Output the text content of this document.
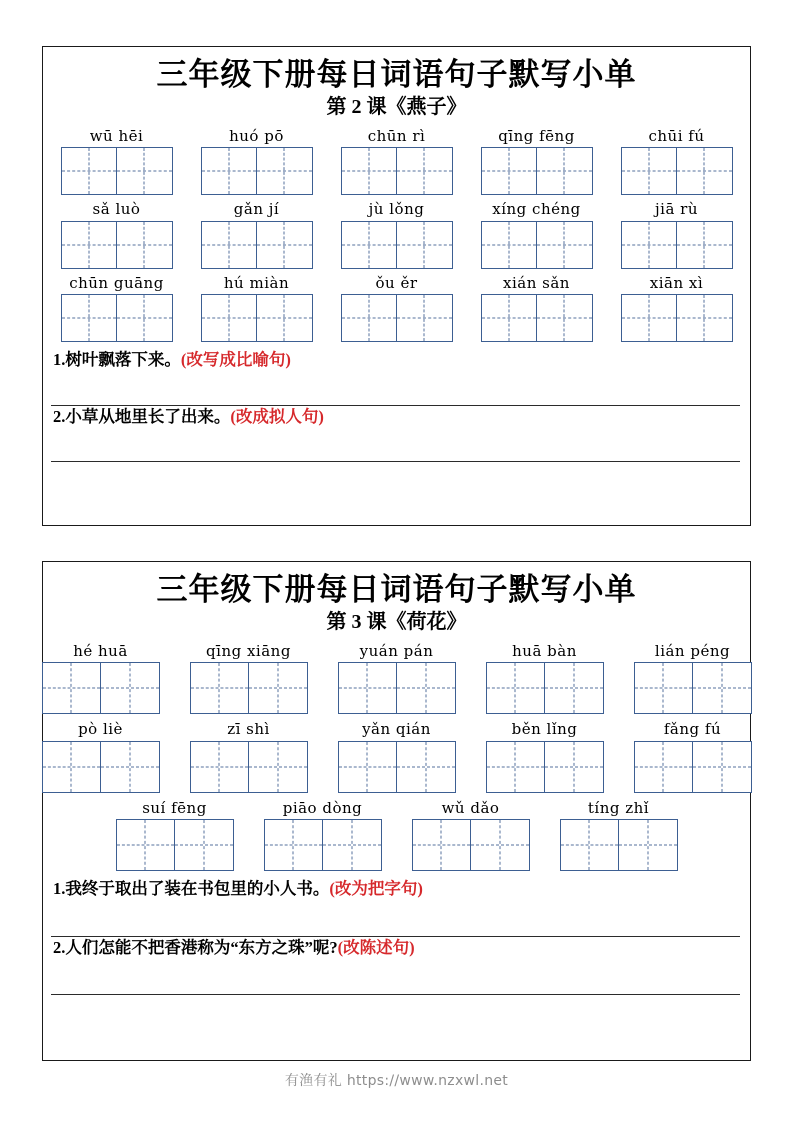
三年级下册每日词语句子默写小单
第 2 课《燕子》
wū hēi	huó pō	chūn rì	qīng fēng	chūi fú
sǎ luò	gǎn jí	jù lǒng	xíng chéng	jiā rù
chūn guāng	hú miàn	ǒu ěr	xián sǎn	xiān xì
1.树叶飘落下来。(改写成比喻句)
2.小草从地里长了出来。(改成拟人句)
三年级下册每日词语句子默写小单
第 3 课《荷花》
hé huā	qīng xiāng	yuán pán	huā bàn	lián péng
pò liè	zī shì	yǎn qián	běn lǐng	fǎng fú
suí fēng	piāo dòng	wǔ dǎo	tíng zhǐ
1.我终于取出了装在书包里的小人书。(改为把字句)
2.人们怎能不把香港称为“东方之珠”呢?(改陈述句)
有渔有礼 https://www.nzxwl.net
